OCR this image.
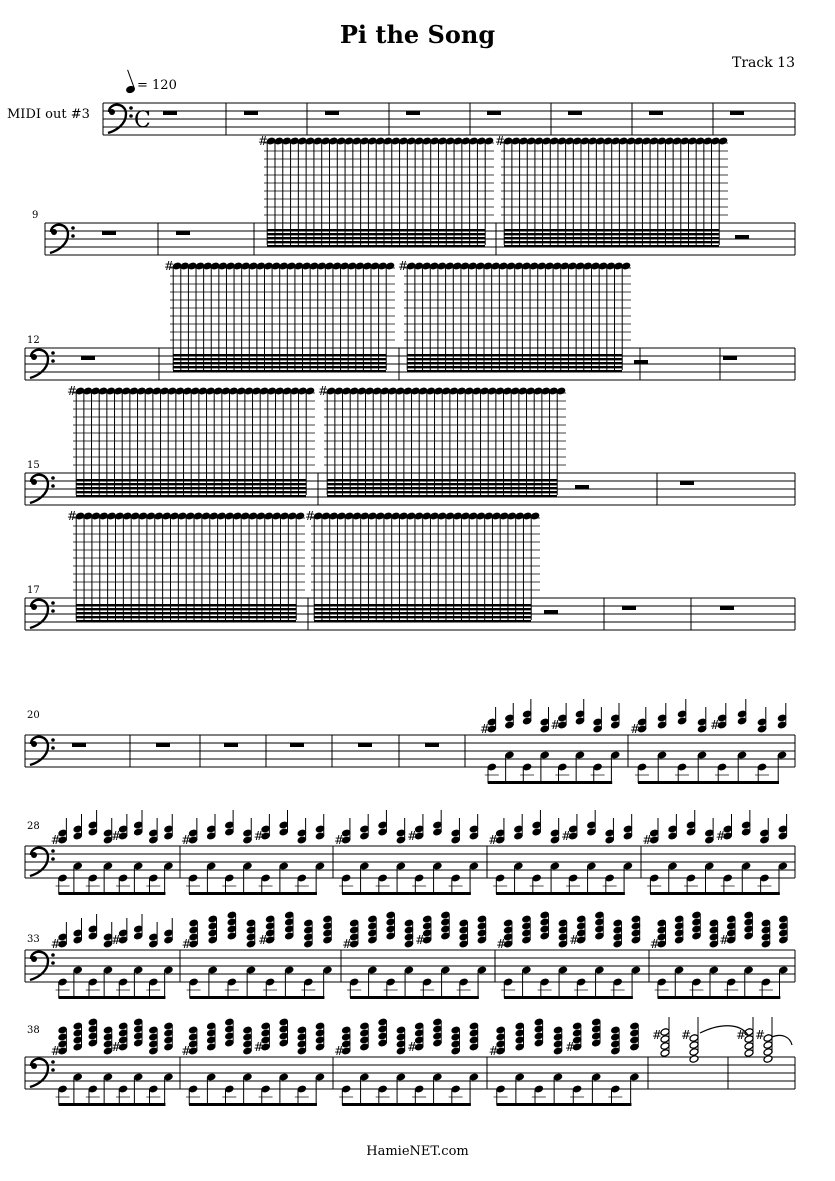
Pi the Song
Track 13
MIDI out #3
= 120
9
12
15
17
20
28
33
38
C
#	#
#	#
#	#
#	#
#	#	#	#
#	#	#	#	#	#	#	#	#	#
#	#	#	#	#	#	#	#	#	#
#	#	#	#	#	#	#	#
# #	# #
HamieNET.com
